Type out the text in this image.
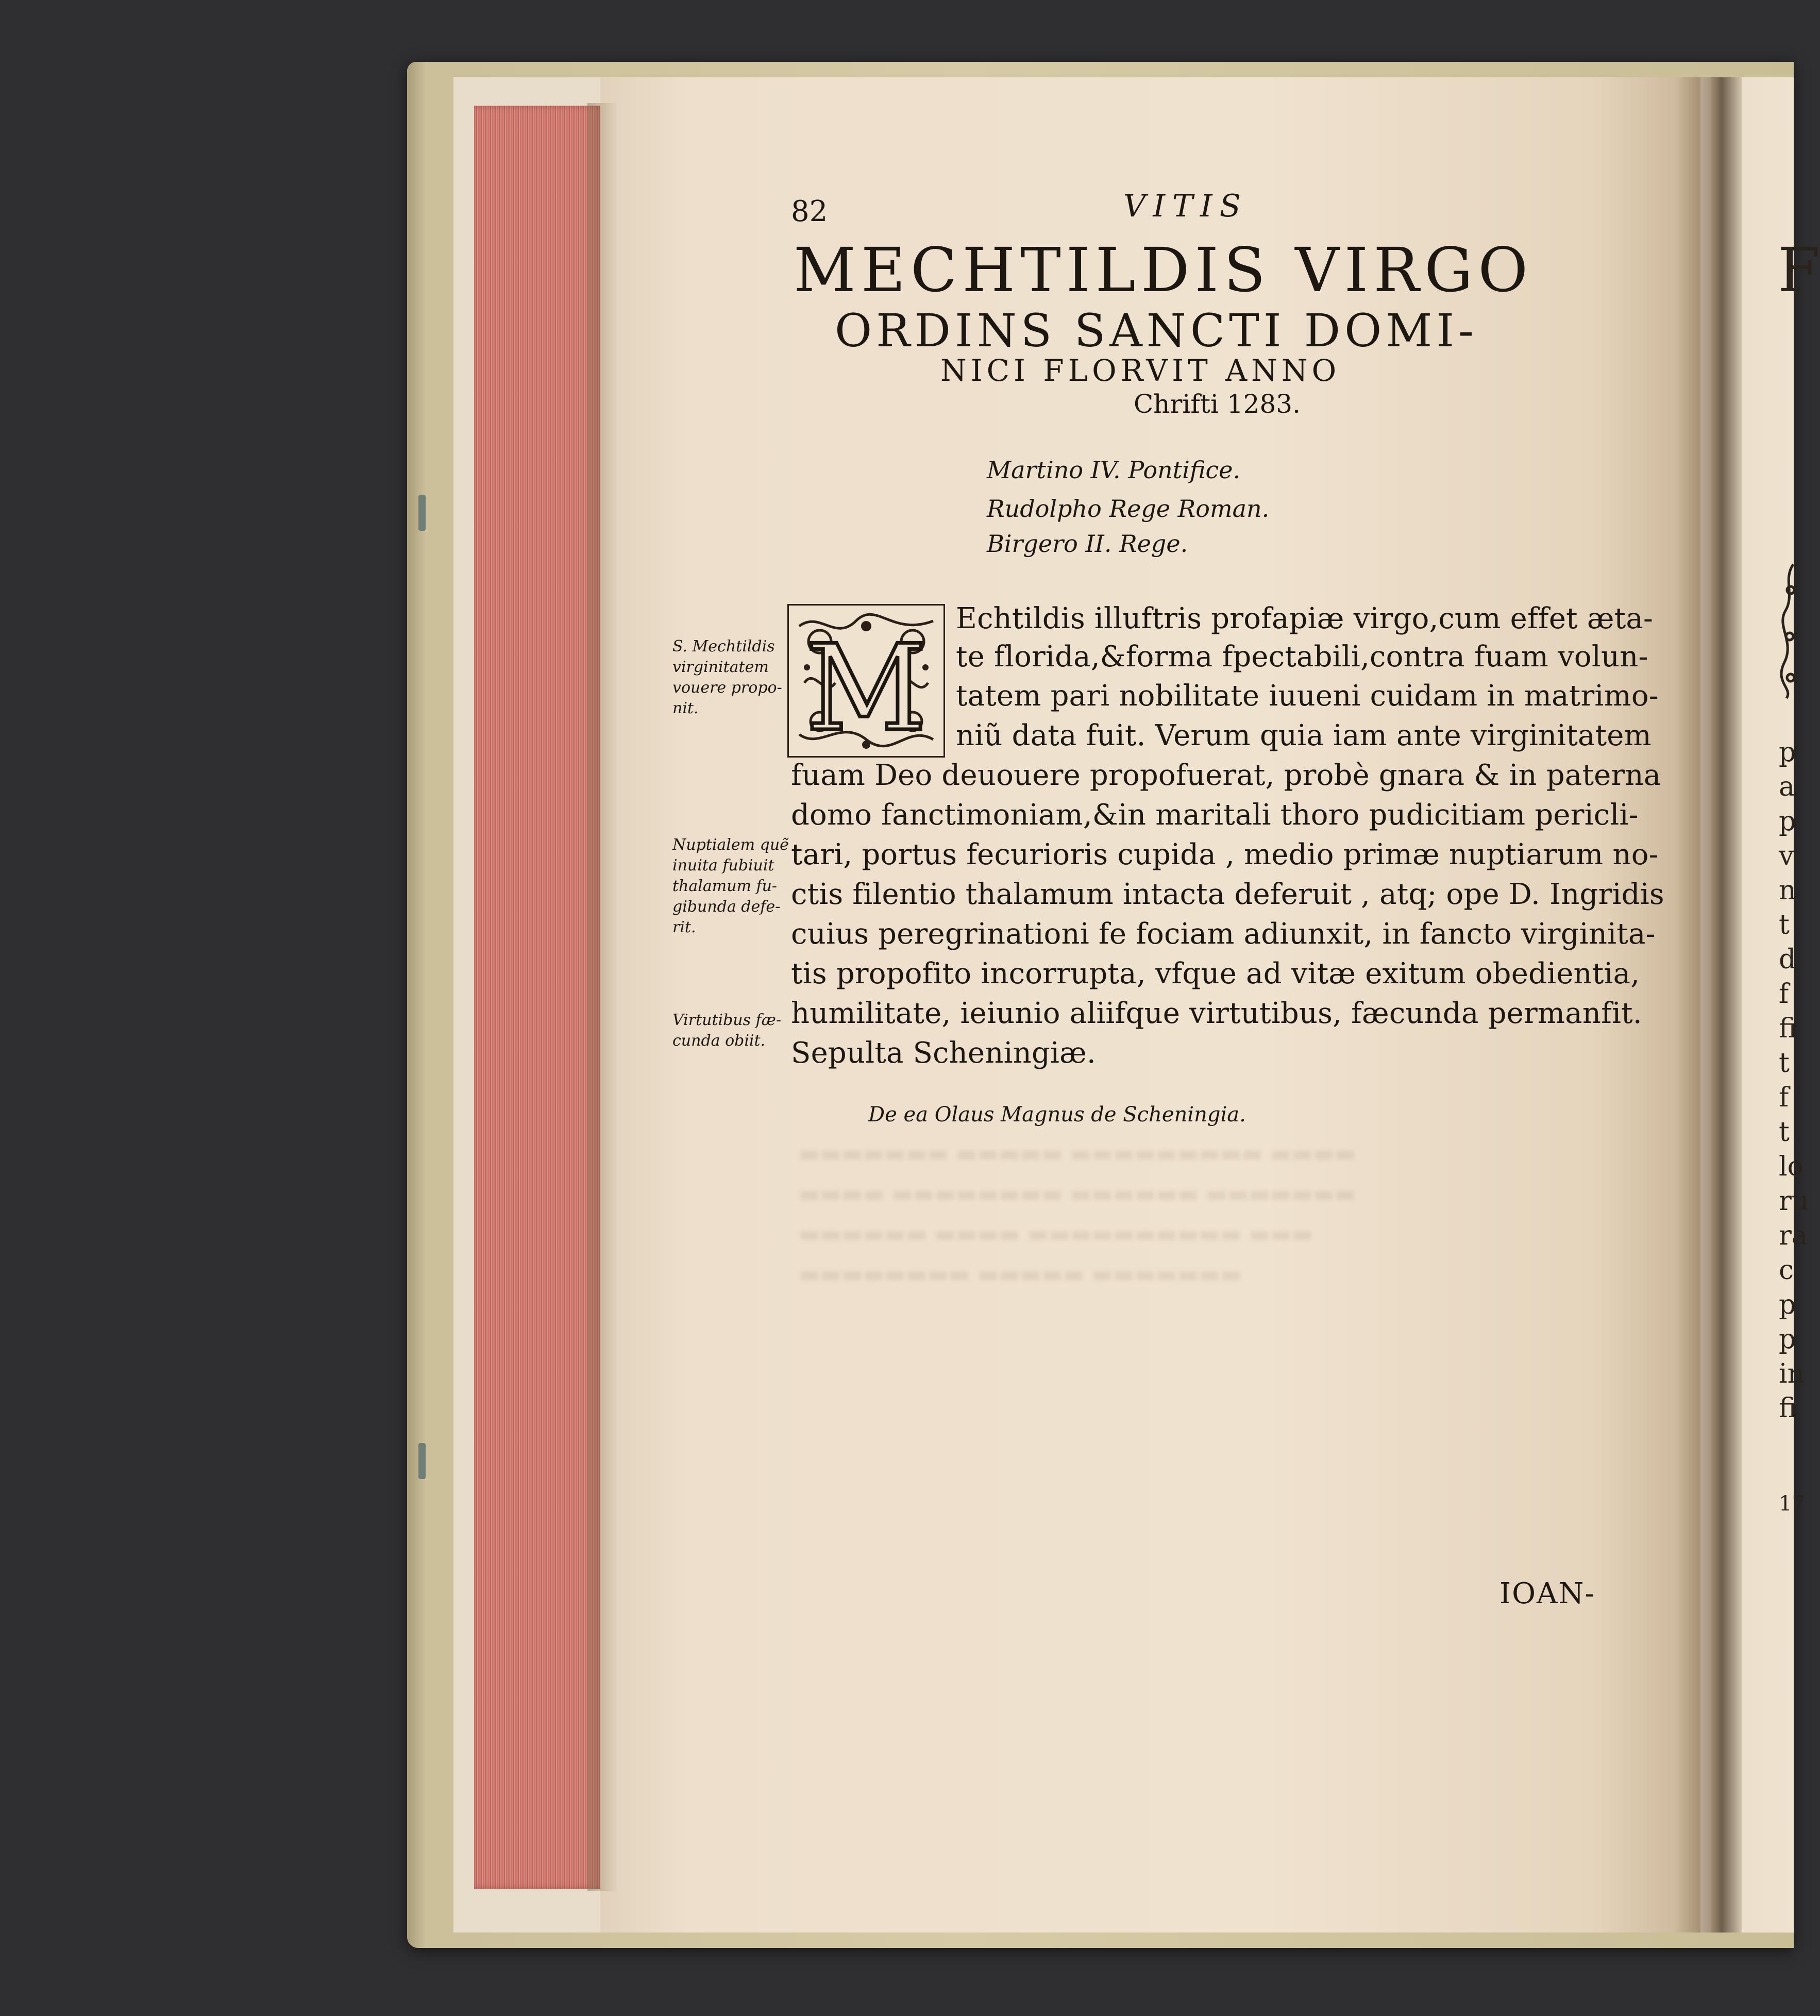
▬▬▬▬▬▬▬ ▬▬▬▬▬ ▬▬▬▬▬▬▬▬▬ ▬▬▬▬
▬▬▬▬ ▬▬▬▬▬▬▬▬ ▬▬▬▬▬▬ ▬▬▬▬▬▬▬
▬▬▬▬▬▬ ▬▬▬▬ ▬▬▬▬▬▬▬▬▬▬ ▬▬▬
▬▬▬▬▬▬▬▬ ▬▬▬▬▬ ▬▬▬▬▬▬▬
82	VITIS
MECHTILDIS VIRGO
ORDINS SANCTI DOMI-
NICI FLORVIT ANNO
Chrifti 1283.
Martino IV. Pontifice.
Rudolpho Rege Roman.
Birgero II. Rege.
M
Echtildis illuftris profapiæ virgo,cum effet æta-
te florida,&forma fpectabili,contra fuam volun-
tatem pari nobilitate iuueni cuidam in matrimo-
niũ data fuit. Verum quia iam ante virginitatem
fuam Deo deuouere propofuerat, probè gnara & in paterna
domo fanctimoniam,&in maritali thoro pudicitiam pericli-
tari, portus fecurioris cupida , medio primæ nuptiarum no-
ctis filentio thalamum intacta deferuit , atq; ope D. Ingridis
cuius peregrinationi fe fociam adiunxit, in fancto virginita-
tis propofito incorrupta, vfque ad vitæ exitum obedientia,
humilitate, ieiunio aliifque virtutibus, fæcunda permanfit.
Sepulta Scheningiæ.
S. Mechtildis
virginitatem
vouere propo-
nit.
Nuptialem quẽ
inuita fubiuit
thalamum fu-
gibunda defe-
rit.
Virtutibus fæ-
cunda obiit.
De ea Olaus Magnus de Scheningia.
IOAN-
F
p
a
p
v
n
t
d
f
fi
t
f
t
lo
ru
ra
c
p
p
in
fi
17
